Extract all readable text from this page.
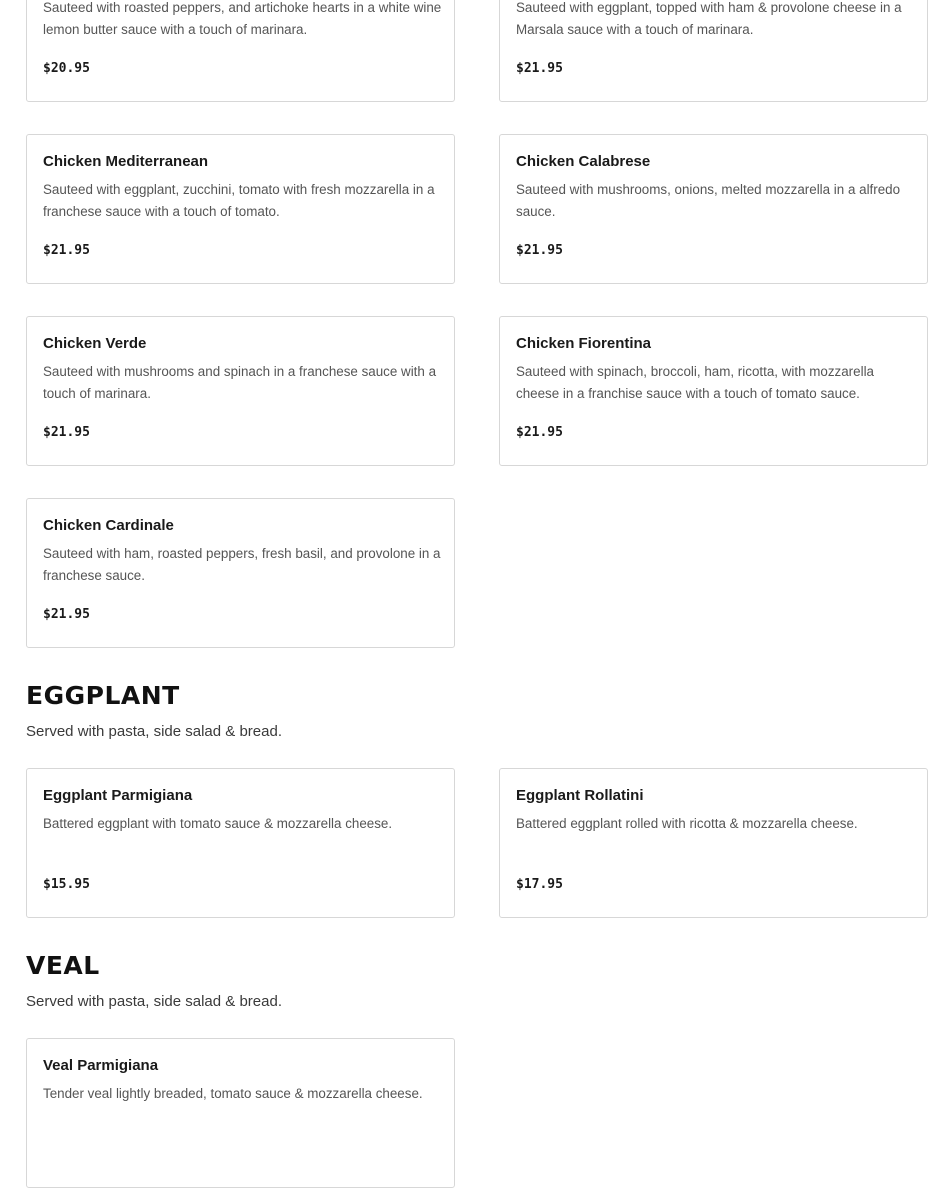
Sauteed with roasted peppers, and artichoke hearts in a white wine lemon butter sauce with a touch of marinara.
$20.95
Sauteed with eggplant, topped with ham & provolone cheese in a Marsala sauce with a touch of marinara.
$21.95
Chicken Mediterranean
Sauteed with eggplant, zucchini, tomato with fresh mozzarella in a franchese sauce with a touch of tomato.
$21.95
Chicken Calabrese
Sauteed with mushrooms, onions, melted mozzarella in a alfredo sauce.
$21.95
Chicken Verde
Sauteed with mushrooms and spinach in a franchese sauce with a touch of marinara.
$21.95
Chicken Fiorentina
Sauteed with spinach, broccoli, ham, ricotta, with mozzarella cheese in a franchise sauce with a touch of tomato sauce.
$21.95
Chicken Cardinale
Sauteed with ham, roasted peppers, fresh basil, and provolone in a franchese sauce.
$21.95
EGGPLANT

Served with pasta, side salad & bread.

Eggplant Parmigiana
Battered eggplant with tomato sauce & mozzarella cheese.
$15.95
Eggplant Rollatini
Battered eggplant rolled with ricotta & mozzarella cheese.
$17.95
VEAL

Served with pasta, side salad & bread.

Veal Parmigiana
Tender veal lightly breaded, tomato sauce & mozzarella cheese.
